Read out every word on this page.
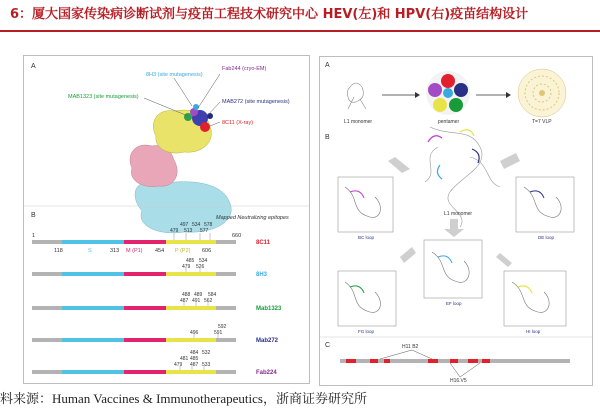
6：厦大国家传染病诊断试剂与疫苗工程技术研究中心 HEV(左)和 HPV(右)疫苗结构设计
A
8H3 (site mutagenesis)
Fab244 (cryo-EM)
MAB1323 (site mutagenesis)
MAB272 (site mutagenesis)
8C11 (X-ray)
B	Mapped Neutralizing epitopes
497 534 578
479 513 577
1	660
118	S	313 M (P1) 454 P (P2) 606
8C11
485 534
479 526
8H3
488 489 584
487 491 562
Mab1323
592
496	591
Mab272
484 532
481 485
479 487 533
Fab224
A
L1 monomer	pentamer	T=7 VLP
B
L1 monomer
BC loop	DE loop
EF loop
FG loop	HI loop
C	H11 B2
H16.V5
料来源：Human Vaccines & Immunotherapeutics，浙商证券研究所
